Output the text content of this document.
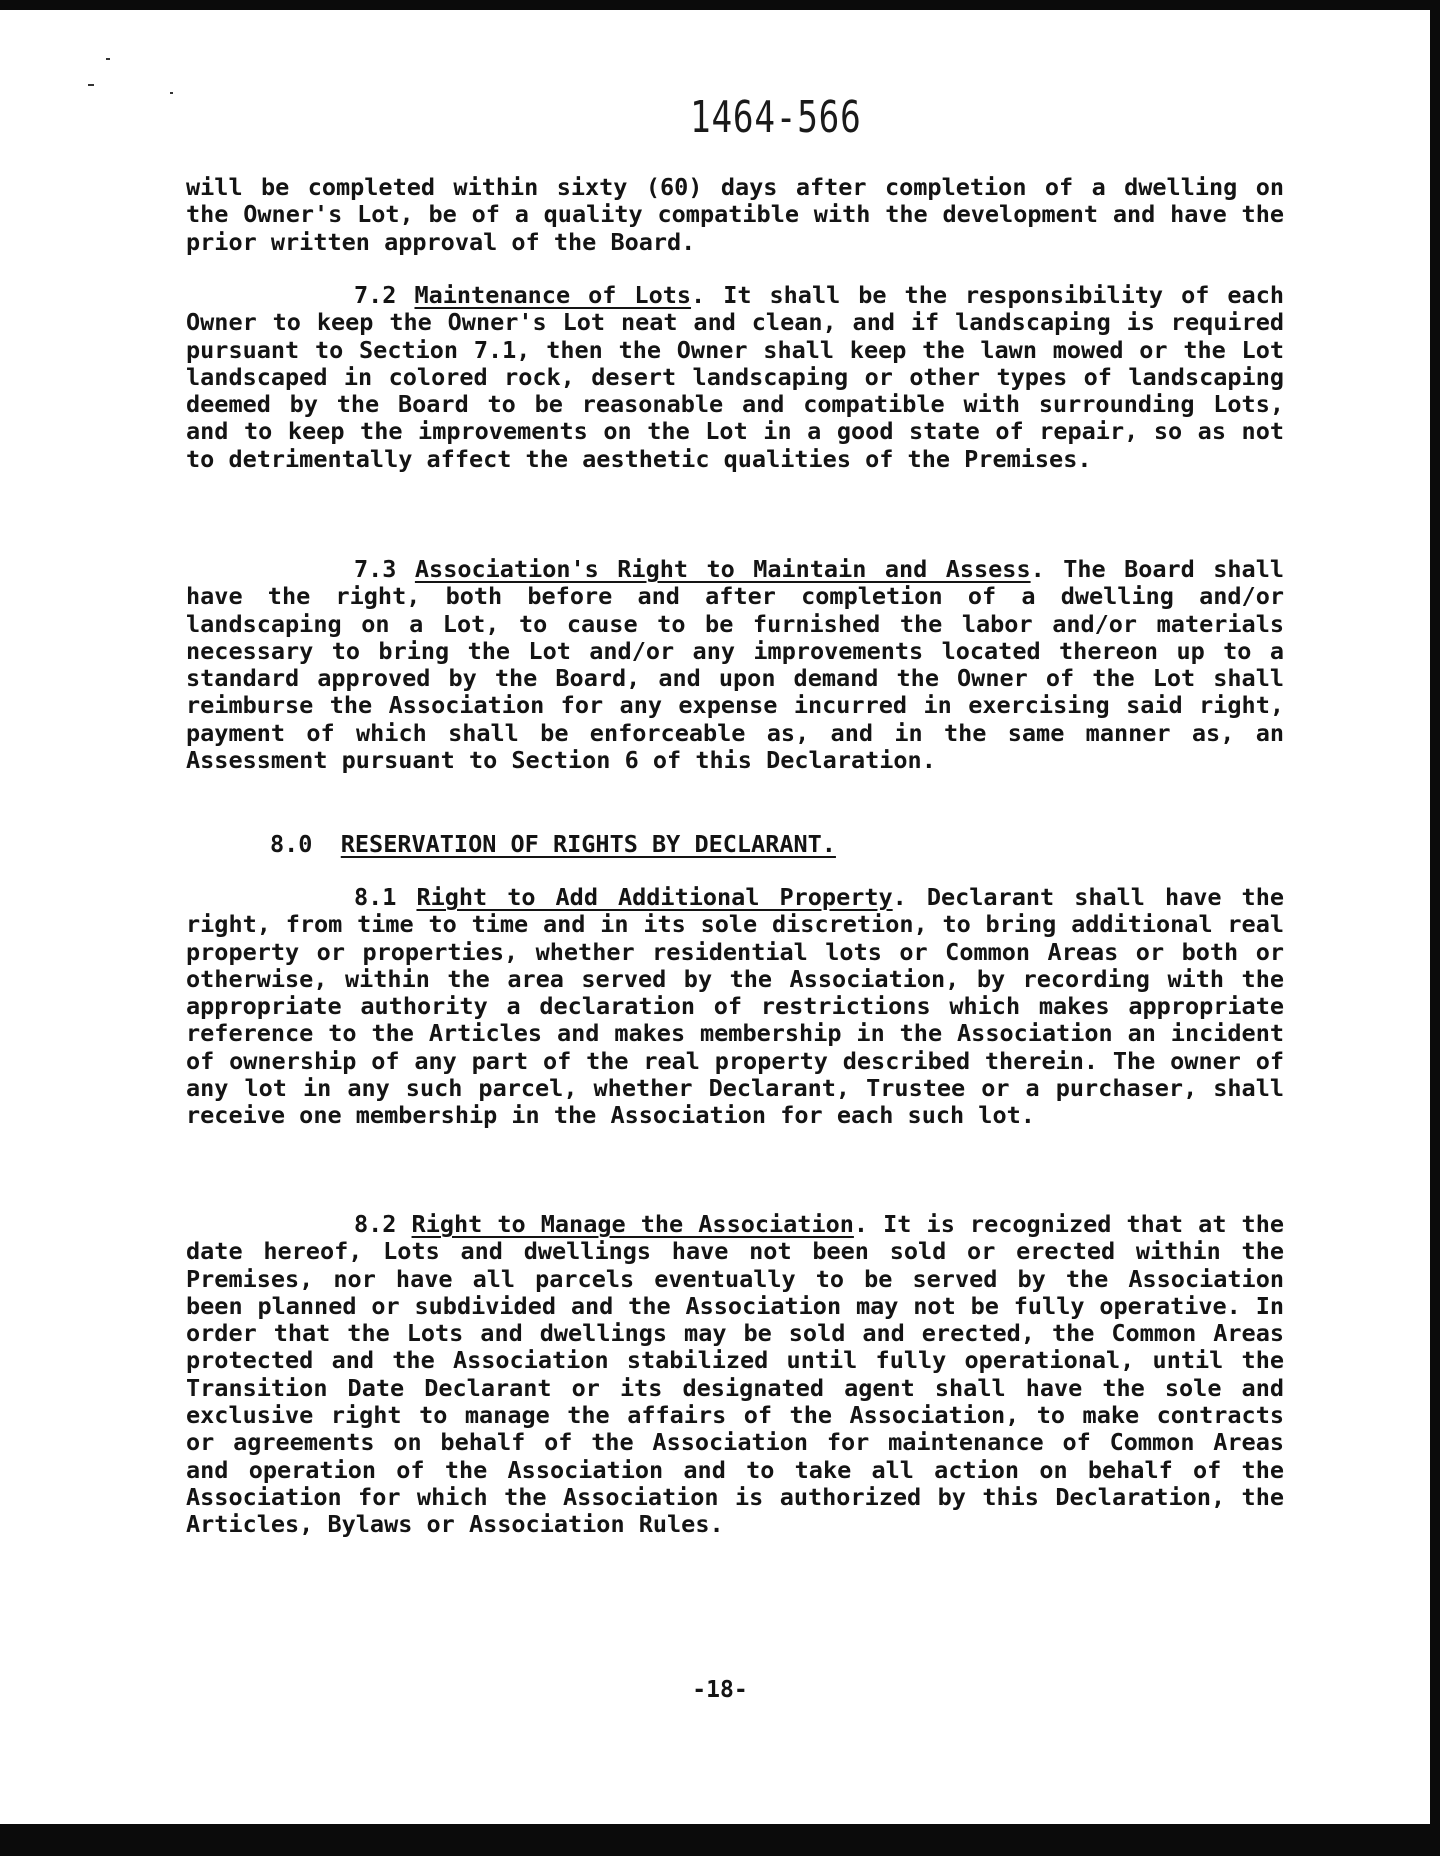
1464-566

will be completed within sixty (60) days after completion of a dwelling on the Owner's Lot, be of a quality compatible with the development and have the prior written approval of the Board.

7.2 Maintenance of Lots. It shall be the responsibility of each Owner to keep the Owner's Lot neat and clean, and if landscaping is required pursuant to Section 7.1, then the Owner shall keep the lawn mowed or the Lot landscaped in colored rock, desert landscaping or other types of landscaping deemed by the Board to be reasonable and compatible with surrounding Lots, and to keep the improvements on the Lot in a good state of repair, so as not to detrimentally affect the aesthetic qualities of the Premises.

7.3 Association's Right to Maintain and Assess. The Board shall have the right, both before and after completion of a dwelling and/or landscaping on a Lot, to cause to be furnished the labor and/or materials necessary to bring the Lot and/or any improvements located thereon up to a standard approved by the Board, and upon demand the Owner of the Lot shall reimburse the Association for any expense incurred in exercising said right, payment of which shall be enforceable as, and in the same manner as, an Assessment pursuant to Section 6 of this Declaration.

8.0 RESERVATION OF RIGHTS BY DECLARANT.

8.1 Right to Add Additional Property. Declarant shall have the right, from time to time and in its sole discretion, to bring additional real property or properties, whether residential lots or Common Areas or both or otherwise, within the area served by the Association, by recording with the appropriate authority a declaration of restrictions which makes appropriate reference to the Articles and makes membership in the Association an incident of ownership of any part of the real property described therein. The owner of any lot in any such parcel, whether Declarant, Trustee or a purchaser, shall receive one membership in the Association for each such lot.

8.2 Right to Manage the Association. It is recognized that at the date hereof, Lots and dwellings have not been sold or erected within the Premises, nor have all parcels eventually to be served by the Association been planned or subdivided and the Association may not be fully operative. In order that the Lots and dwellings may be sold and erected, the Common Areas protected and the Association stabilized until fully operational, until the Transition Date Declarant or its designated agent shall have the sole and exclusive right to manage the affairs of the Association, to make contracts or agreements on behalf of the Association for maintenance of Common Areas and operation of the Association and to take all action on behalf of the Association for which the Association is authorized by this Declaration, the Articles, Bylaws or Association Rules.

-18-
